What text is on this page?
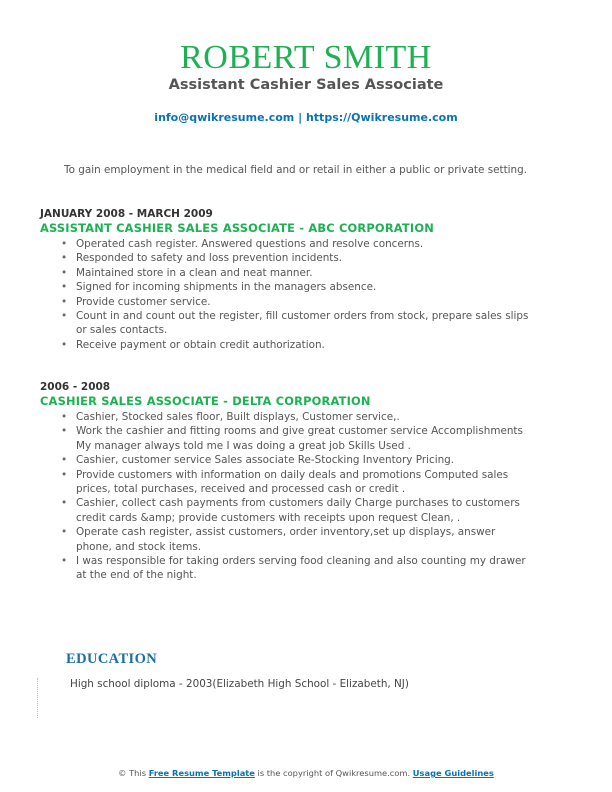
ROBERT SMITH
Assistant Cashier Sales Associate
info@qwikresume.com | https://Qwikresume.com
To gain employment in the medical field and or retail in either a public or private setting.
JANUARY 2008 - MARCH 2009
ASSISTANT CASHIER SALES ASSOCIATE - ABC CORPORATION
• Operated cash register. Answered questions and resolve concerns.
• Responded to safety and loss prevention incidents.
• Maintained store in a clean and neat manner.
• Signed for incoming shipments in the managers absence.
• Provide customer service.
• Count in and count out the register, fill customer orders from stock, prepare sales slips or sales contacts.
• Receive payment or obtain credit authorization.
2006 - 2008
CASHIER SALES ASSOCIATE - DELTA CORPORATION
• Cashier, Stocked sales floor, Built displays, Customer service,.
• Work the cashier and fitting rooms and give great customer service Accomplishments My manager always told me I was doing a great job Skills Used .
• Cashier, customer service Sales associate Re-Stocking Inventory Pricing.
• Provide customers with information on daily deals and promotions Computed sales prices, total purchases, received and processed cash or credit .
• Cashier, collect cash payments from customers daily Charge purchases to customers credit cards &amp; provide customers with receipts upon request Clean, .
• Operate cash register, assist customers, order inventory,set up displays, answer phone, and stock items.
• I was responsible for taking orders serving food cleaning and also counting my drawer at the end of the night.
EDUCATION
High school diploma - 2003(Elizabeth High School - Elizabeth, NJ)
© This Free Resume Template is the copyright of Qwikresume.com. Usage Guidelines
